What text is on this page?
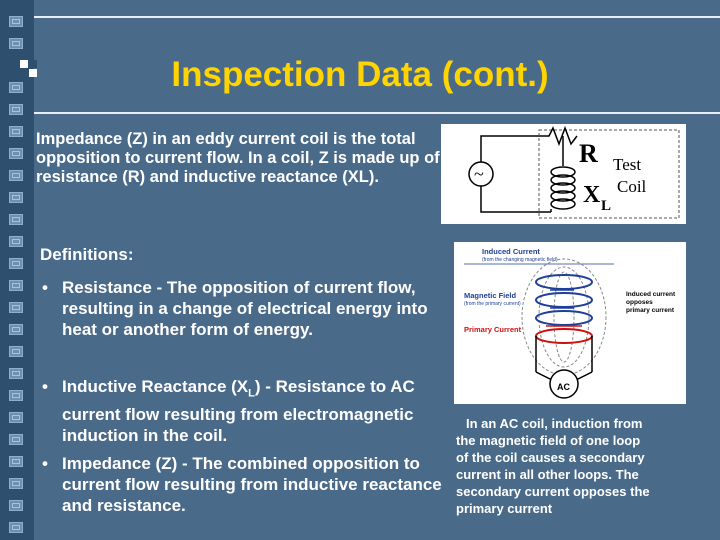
Inspection Data (cont.)
Impedance (Z) in an eddy current coil is the total opposition to current flow. In a coil, Z is made up of resistance (R) and inductive reactance (XL).	~
R
X L
Test
Coil
Definitions:
• Resistance - The opposition of current flow, resulting in a change of electrical energy into heat or another form of energy.
• Inductive Reactance $(X_L)$ - Resistance to AC current flow resulting from electromagnetic induction in the coil.
• Impedance (Z) - The combined opposition to current flow resulting from inductive reactance and resistance.
Induced Current
(from the changing magnetic field)
Magnetic Field
(from the primary current)
Primary Current
Induced current
opposes
primary current
AC
In an AC coil, induction from
the magnetic field of one loop
of the coil causes a secondary
current in all other loops. The
secondary current opposes the
primary current
